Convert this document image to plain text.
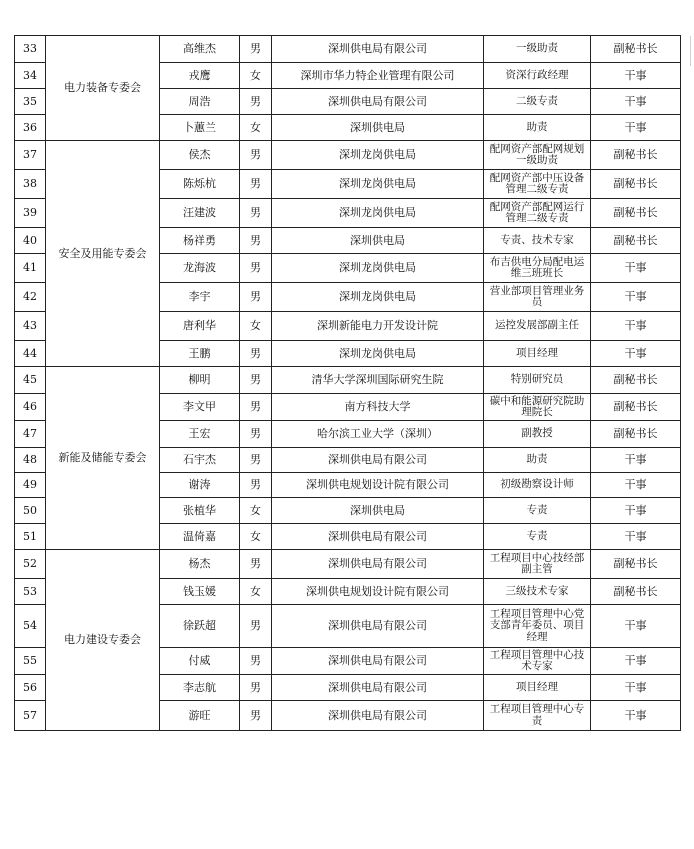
33	电力装备专委会	高维杰	男	深圳供电局有限公司	一级助责	副秘书长
34		戎鹰	女	深圳市华力特企业管理有限公司	资深行政经理	干事
35		周浩	男	深圳供电局有限公司	二级专责	干事
36		卜蕙兰	女	深圳供电局	助责	干事
37	安全及用能专委会	侯杰	男	深圳龙岗供电局	配网资产部配网规划一级助责	副秘书长
38		陈烁杭	男	深圳龙岗供电局	配网资产部中压设备管理二级专责	副秘书长
39		汪建波	男	深圳龙岗供电局	配网资产部配网运行管理二级专责	副秘书长
40		杨祥勇	男	深圳供电局	专责、技术专家	副秘书长
41		龙海波	男	深圳龙岗供电局	布吉供电分局配电运维三班班长	干事
42		李宇	男	深圳龙岗供电局	营业部项目管理业务员	干事
43		唐利华	女	深圳新能电力开发设计院	运控发展部副主任	干事
44		王鹏	男	深圳龙岗供电局	项目经理	干事
45	新能及储能专委会	柳明	男	清华大学深圳国际研究生院	特别研究员	副秘书长
46		李文甲	男	南方科技大学	碳中和能源研究院助理院长	副秘书长
47		王宏	男	哈尔滨工业大学（深圳）	副教授	副秘书长
48		石宇杰	男	深圳供电局有限公司	助责	干事
49		谢涛	男	深圳供电规划设计院有限公司	初级勘察设计师	干事
50		张植华	女	深圳供电局	专责	干事
51		温倚嘉	女	深圳供电局有限公司	专责	干事
52	电力建设专委会	杨杰	男	深圳供电局有限公司	工程项目中心技经部副主管	副秘书长
53		钱玉媛	女	深圳供电规划设计院有限公司	三级技术专家	副秘书长
54		徐跃超	男	深圳供电局有限公司	工程项目管理中心党支部青年委员、项目经理	干事
55		付威	男	深圳供电局有限公司	工程项目管理中心技术专家	干事
56		李志航	男	深圳供电局有限公司	项目经理	干事
57		游旺	男	深圳供电局有限公司	工程项目管理中心专责	干事
